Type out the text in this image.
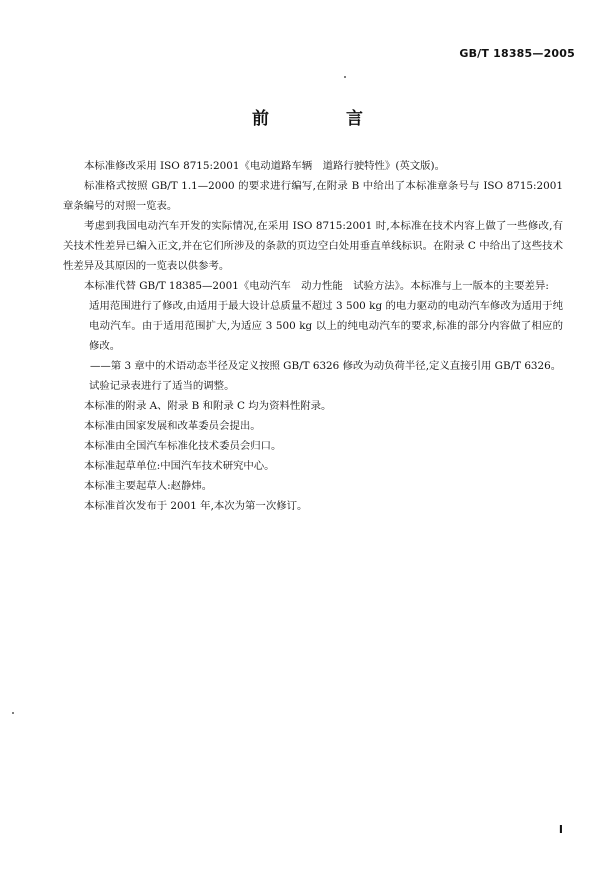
GB/T 18385—2005
前　言

本标准修改采用 ISO 8715:2001《电动道路车辆　道路行驶特性》(英文版)。

标准格式按照 GB/T 1.1—2000 的要求进行编写,在附录 B 中给出了本标准章条号与 ISO 8715:2001 章条编号的对照一览表。

考虑到我国电动汽车开发的实际情况,在采用 ISO 8715:2001 时,本标准在技术内容上做了一些修改,有关技术性差异已编入正文,并在它们所涉及的条款的页边空白处用垂直单线标识。在附录 C 中给出了这些技术性差异及其原因的一览表以供参考。

本标准代替 GB/T 18385—2001《电动汽车　动力性能　试验方法》。本标准与上一版本的主要差异:

适用范围进行了修改,由适用于最大设计总质量不超过 3 500 kg 的电力驱动的电动汽车修改为适用于纯电动汽车。由于适用范围扩大,为适应 3 500 kg 以上的纯电动汽车的要求,标准的部分内容做了相应的修改。

——第 3 章中的术语动态半径及定义按照 GB/T 6326 修改为动负荷半径,定义直接引用 GB/T 6326。

试验记录表进行了适当的调整。

本标准的附录 A、附录 B 和附录 C 均为资料性附录。

本标准由国家发展和改革委员会提出。

本标准由全国汽车标准化技术委员会归口。

本标准起草单位:中国汽车技术研究中心。

本标准主要起草人:赵静炜。

本标准首次发布于 2001 年,本次为第一次修订。

I
